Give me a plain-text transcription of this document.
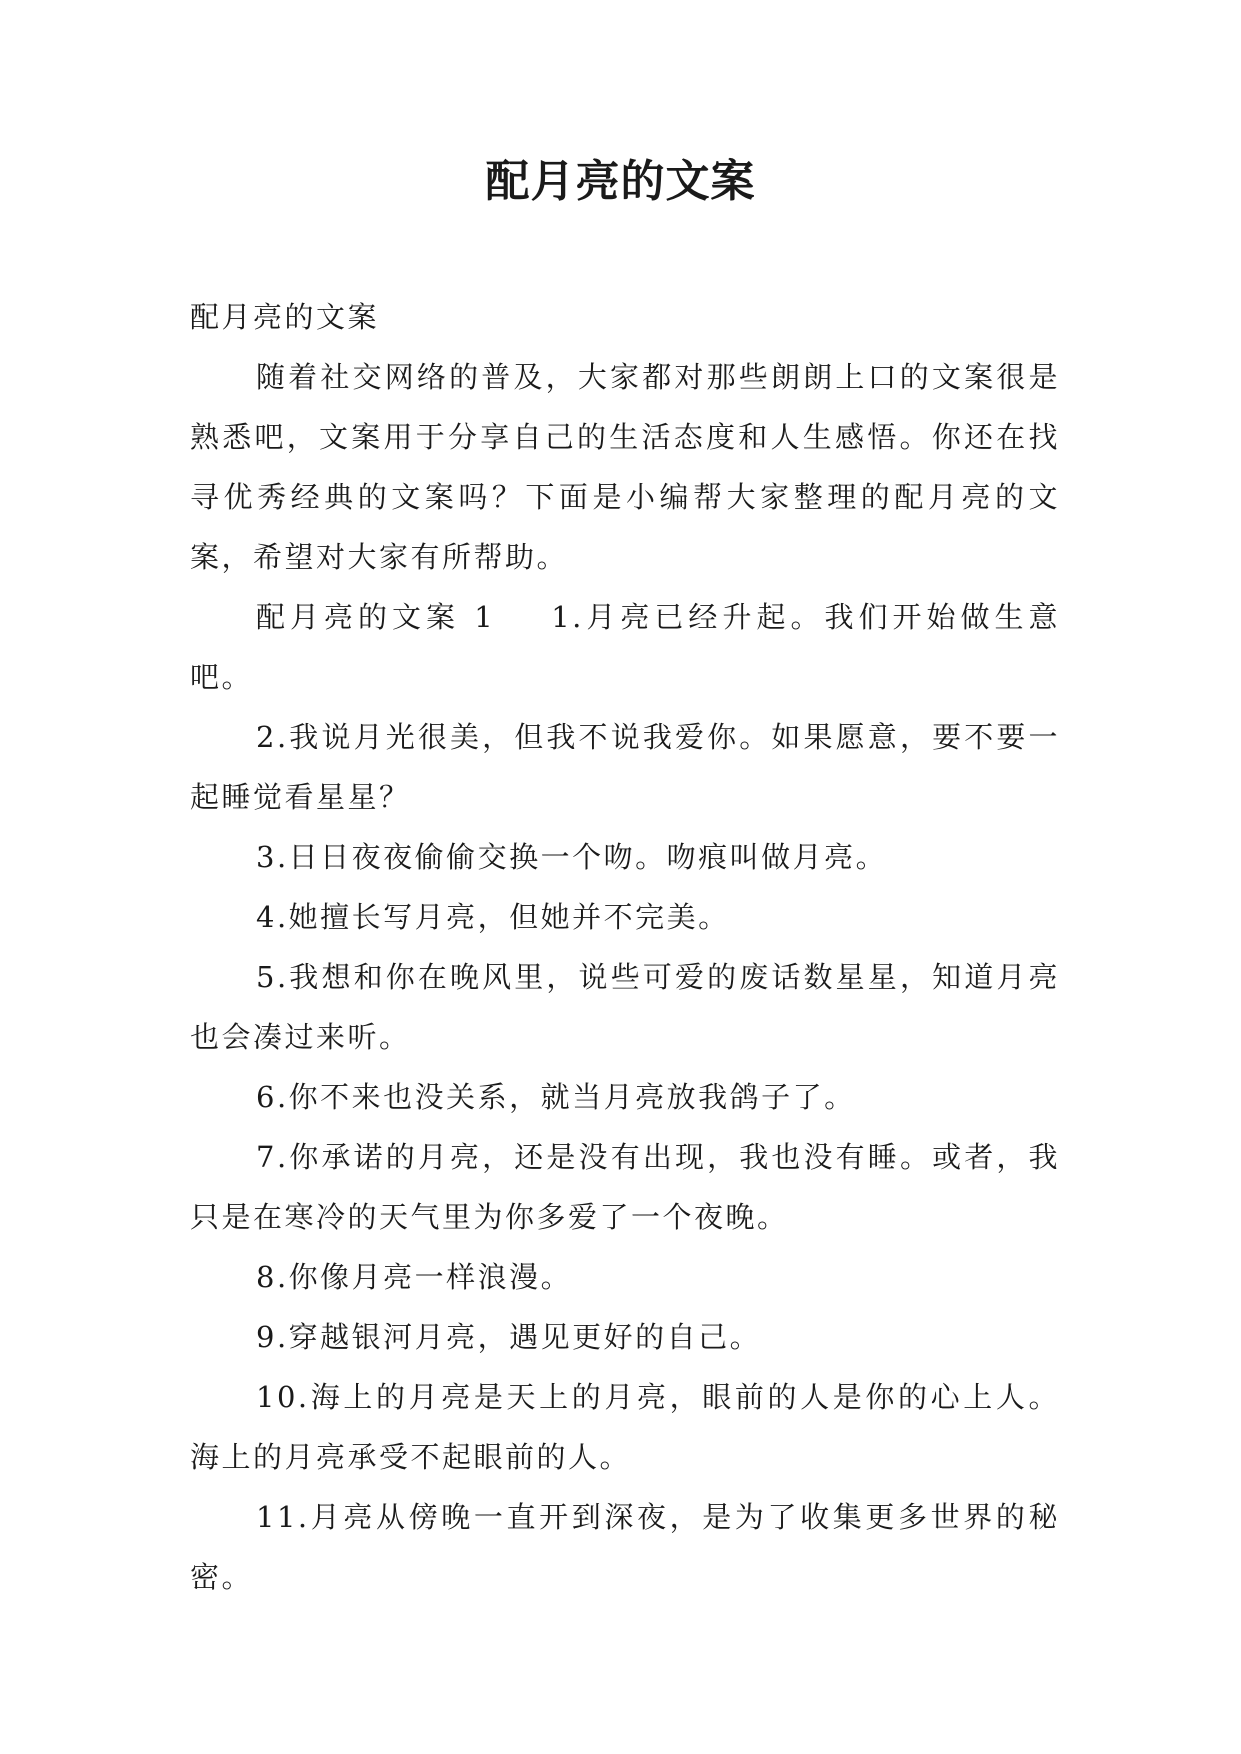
配月亮的文案

配月亮的文案

随着社交网络的普及，大家都对那些朗朗上口的文案很是熟悉吧，文案用于分享自己的生活态度和人生感悟。你还在找寻优秀经典的文案吗？下面是小编帮大家整理的配月亮的文案，希望对大家有所帮助。

配月亮的文案 1 1.月亮已经升起。我们开始做生意吧。

2.我说月光很美，但我不说我爱你。如果愿意，要不要一起睡觉看星星？

3.日日夜夜偷偷交换一个吻。吻痕叫做月亮。

4.她擅长写月亮，但她并不完美。

5.我想和你在晚风里，说些可爱的废话数星星，知道月亮也会凑过来听。

6.你不来也没关系，就当月亮放我鸽子了。

7.你承诺的月亮，还是没有出现，我也没有睡。或者，我只是在寒冷的天气里为你多爱了一个夜晚。

8.你像月亮一样浪漫。

9.穿越银河月亮，遇见更好的自己。

10.海上的月亮是天上的月亮，眼前的人是你的心上人。海上的月亮承受不起眼前的人。

11.月亮从傍晚一直开到深夜，是为了收集更多世界的秘密。
